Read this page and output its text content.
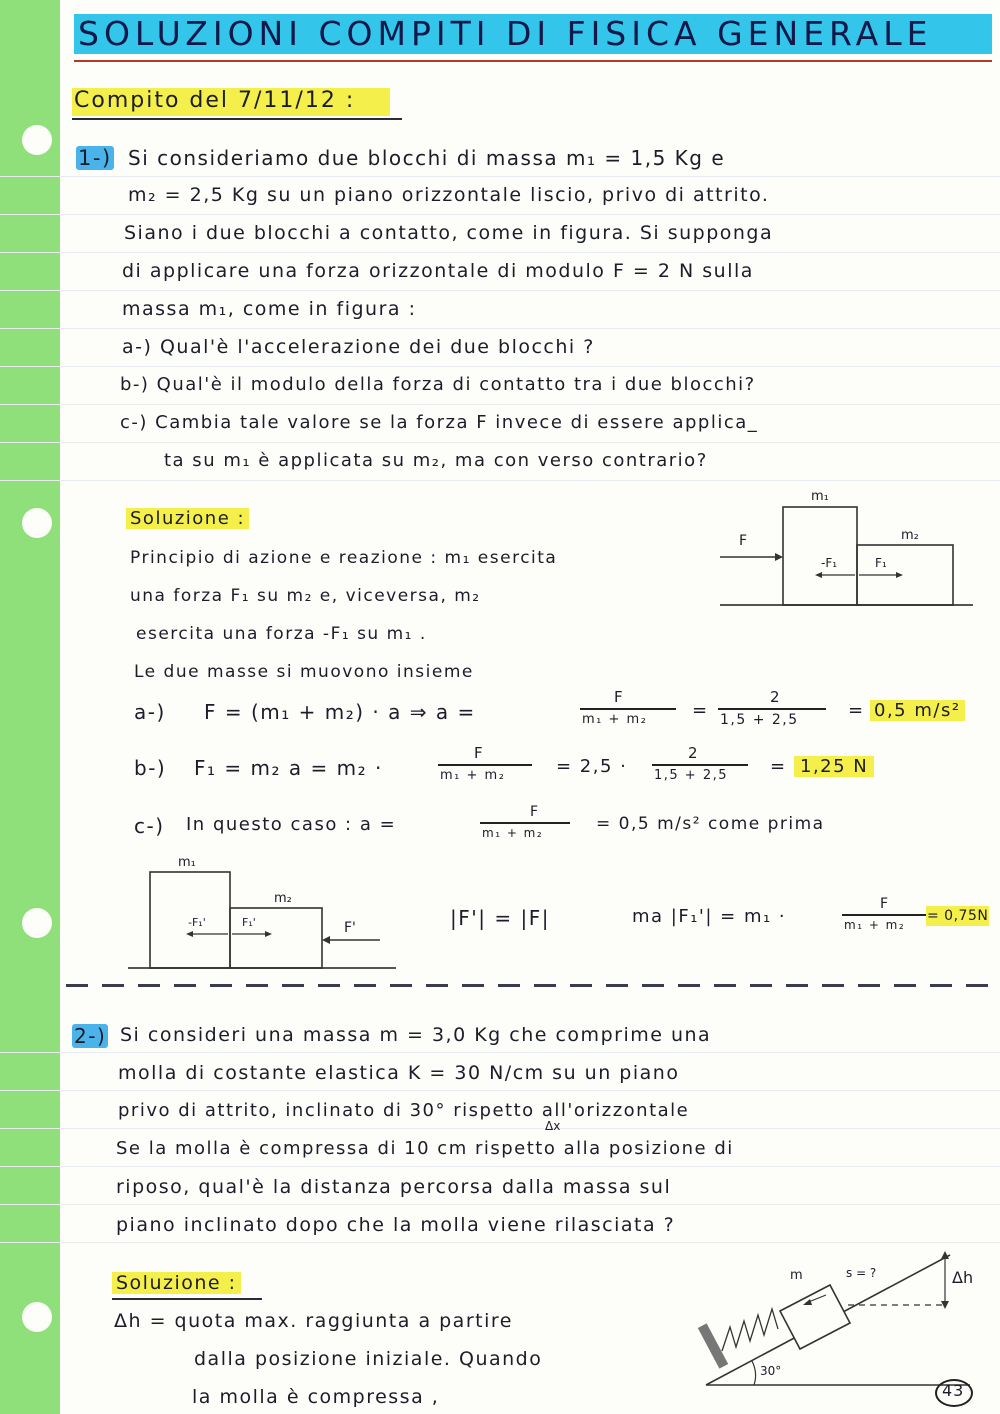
SOLUZIONI COMPITI DI FISICA GENERALE
Compito del 7/11/12 :
1-) Si consideriamo due blocchi di massa m₁ = 1,5 Kg e
m₂ = 2,5 Kg su un piano orizzontale liscio, privo di attrito.
Siano i due blocchi a contatto, come in figura. Si supponga
di applicare una forza orizzontale di modulo F = 2 N sulla
massa m₁, come in figura :
a-) Qual'è l'accelerazione dei due blocchi ?
b-) Qual'è il modulo della forza di contatto tra i due blocchi?
c-) Cambia tale valore se la forza F invece di essere applica_
ta su m₁ è applicata su m₂, ma con verso contrario?
Soluzione :
Principio di azione e reazione : m₁ esercita
una forza F₁ su m₂ e, viceversa, m₂
esercita una forza -F₁ su m₁ .
Le due masse si muovono insieme
m₁
m₂
F
-F₁	F₁
a-) F = (m₁ + m₂) · a ⇒ a =
F
m₁ + m₂ =
2
1,5 + 2,5	= 0,5 m/s²
b-) F₁ = m₂ a = m₂ ·
F
m₁ + m₂	= 2,5 ·
2
1,5 + 2,5 = 1,25 N
c-) In questo caso : a =
F
m₁ + m₂	= 0,5 m/s² come prima
m₁
m₂
F'
-F₁'	F₁'	|F'| = |F|	ma |F₁'| = m₁ ·
F
m₁ + m₂
= 0,75N
2-) Si consideri una massa m = 3,0 Kg che comprime una
molla di costante elastica K = 30 N/cm su un piano
privo di attrito, inclinato di 30° rispetto all'orizzontale
Δx
Se la molla è compressa di 10 cm rispetto alla posizione di
riposo, qual'è la distanza percorsa dalla massa sul
piano inclinato dopo che la molla viene rilasciata ?
Soluzione :
Δh = quota max. raggiunta a partire
dalla posizione iniziale. Quando
la molla è compressa ,
m	s = ?	Δh
30°
43
